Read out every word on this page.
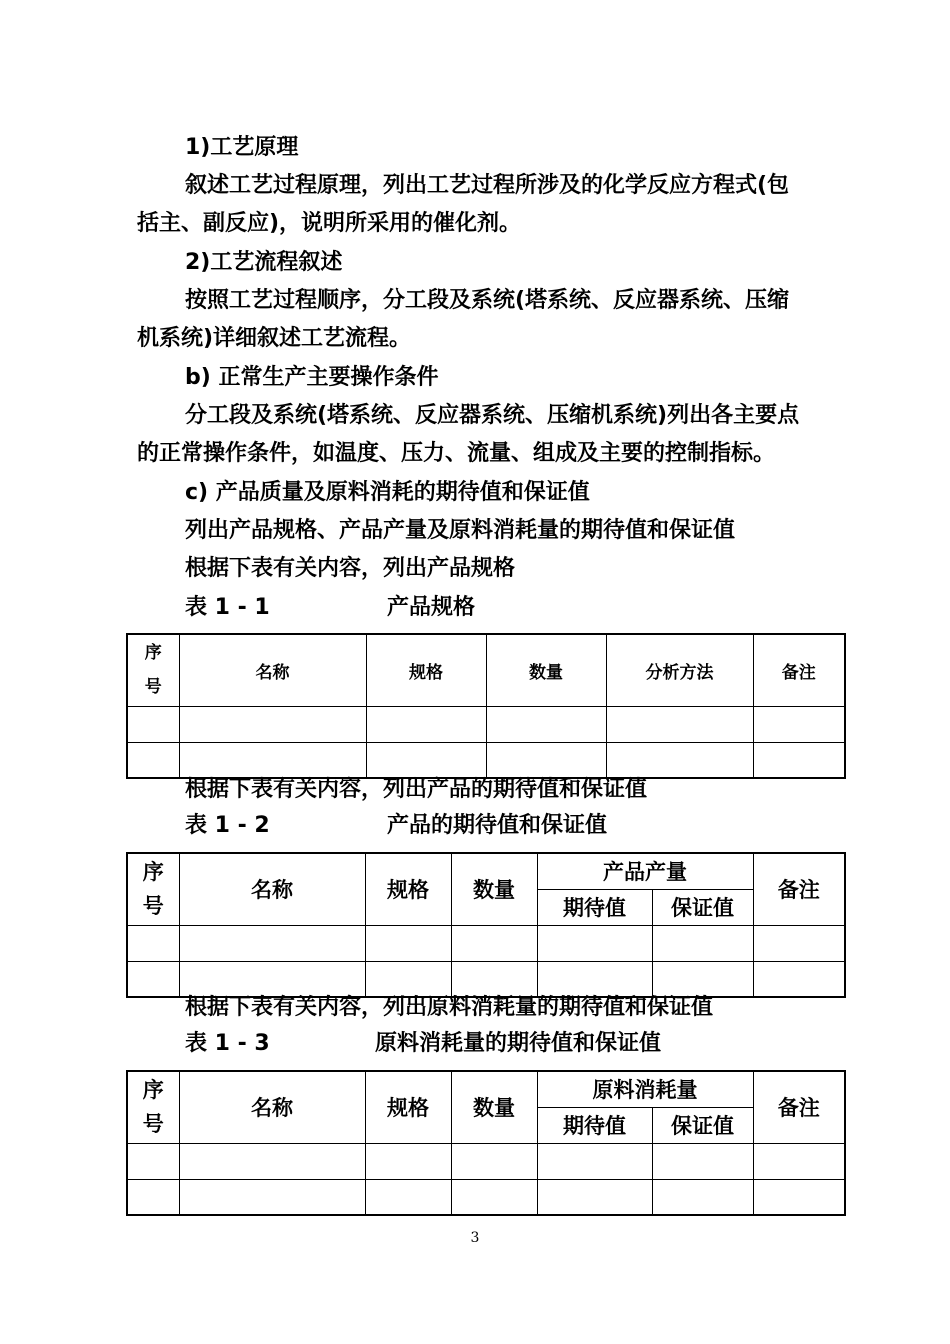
1)工艺原理
叙述工艺过程原理，列出工艺过程所涉及的化学反应方程式(包
括主、副反应)，说明所采用的催化剂。
2)工艺流程叙述
按照工艺过程顺序，分工段及系统(塔系统、反应器系统、压缩
机系统)详细叙述工艺流程。
b) 正常生产主要操作条件
分工段及系统(塔系统、反应器系统、压缩机系统)列出各主要点
的正常操作条件，如温度、压力、流量、组成及主要的控制指标。
c) 产品质量及原料消耗的期待值和保证值
列出产品规格、产品产量及原料消耗量的期待值和保证值
根据下表有关内容，列出产品规格
表 1 - 1	产品规格
序
号	名称	规格	数量	分析方法	备注

根据下表有关内容，列出产品的期待值和保证值
表 1 - 2	产品的期待值和保证值
序
号	名称	规格	数量	产品产量		备注
				期待值	保证值	

根据下表有关内容，列出原料消耗量的期待值和保证值
表 1 - 3	原料消耗量的期待值和保证值
序
号	名称	规格	数量	原料消耗量		备注
				期待值	保证值	

3
